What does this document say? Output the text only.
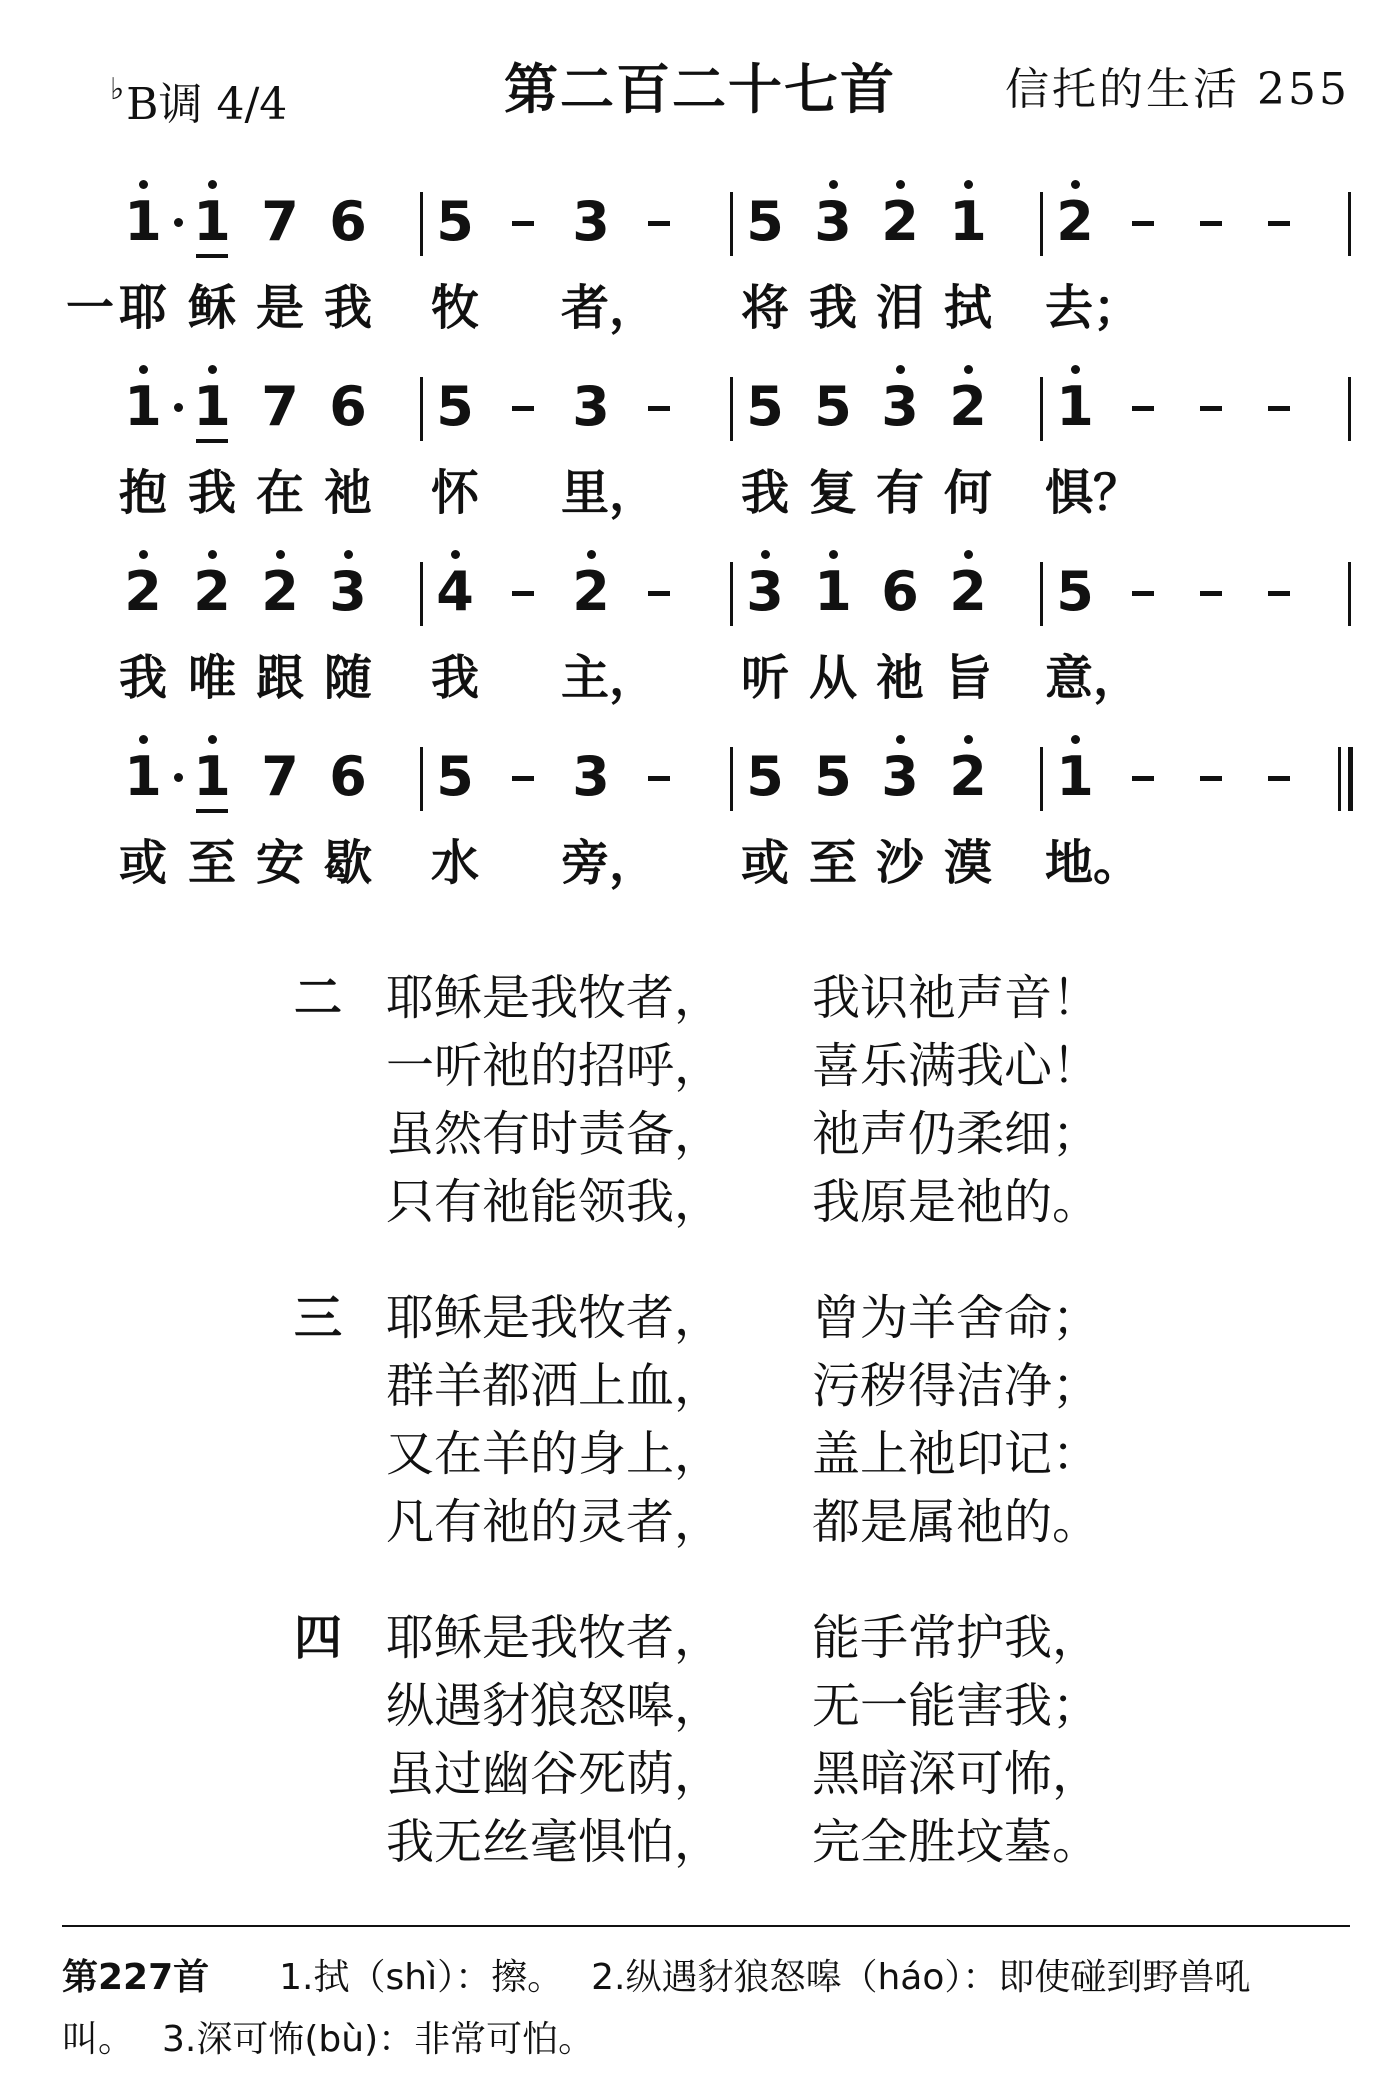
♭B调 4/4	第二百二十七首	信托的生活 255
1 1 7 6 5 3	5 3 2 1 2
一 耶 稣 是 我 牧 者， 将 我 泪 拭 去；
1 1 7 6 5 3	5 5 3 2 1
抱 我 在 祂 怀 里， 我 复 有 何 惧？
2 2 2 3 4 2	3 1 6 2 5
我 唯 跟 随 我 主， 听 从 祂 旨 意，
1 1 7 6 5 3	5 5 3 2 1
或 至 安 歇 水 旁， 或 至 沙 漠 地。
二 耶稣是我牧者， 我识祂声音！
一听祂的招呼， 喜乐满我心！
虽然有时责备， 祂声仍柔细；
只有祂能领我， 我原是祂的。
三 耶稣是我牧者， 曾为羊舍命；
群羊都洒上血， 污秽得洁净；
又在羊的身上， 盖上祂印记：
凡有祂的灵者， 都是属祂的。
四 耶稣是我牧者， 能手常护我，
纵遇豺狼怒嗥， 无一能害我；
虽过幽谷死荫， 黑暗深可怖，
我无丝毫惧怕， 完全胜坟墓。
第227首 1.拭（shì）：擦。 2.纵遇豺狼怒嗥（háo）：即使碰到野兽吼
叫。 3.深可怖(bù)：非常可怕。
